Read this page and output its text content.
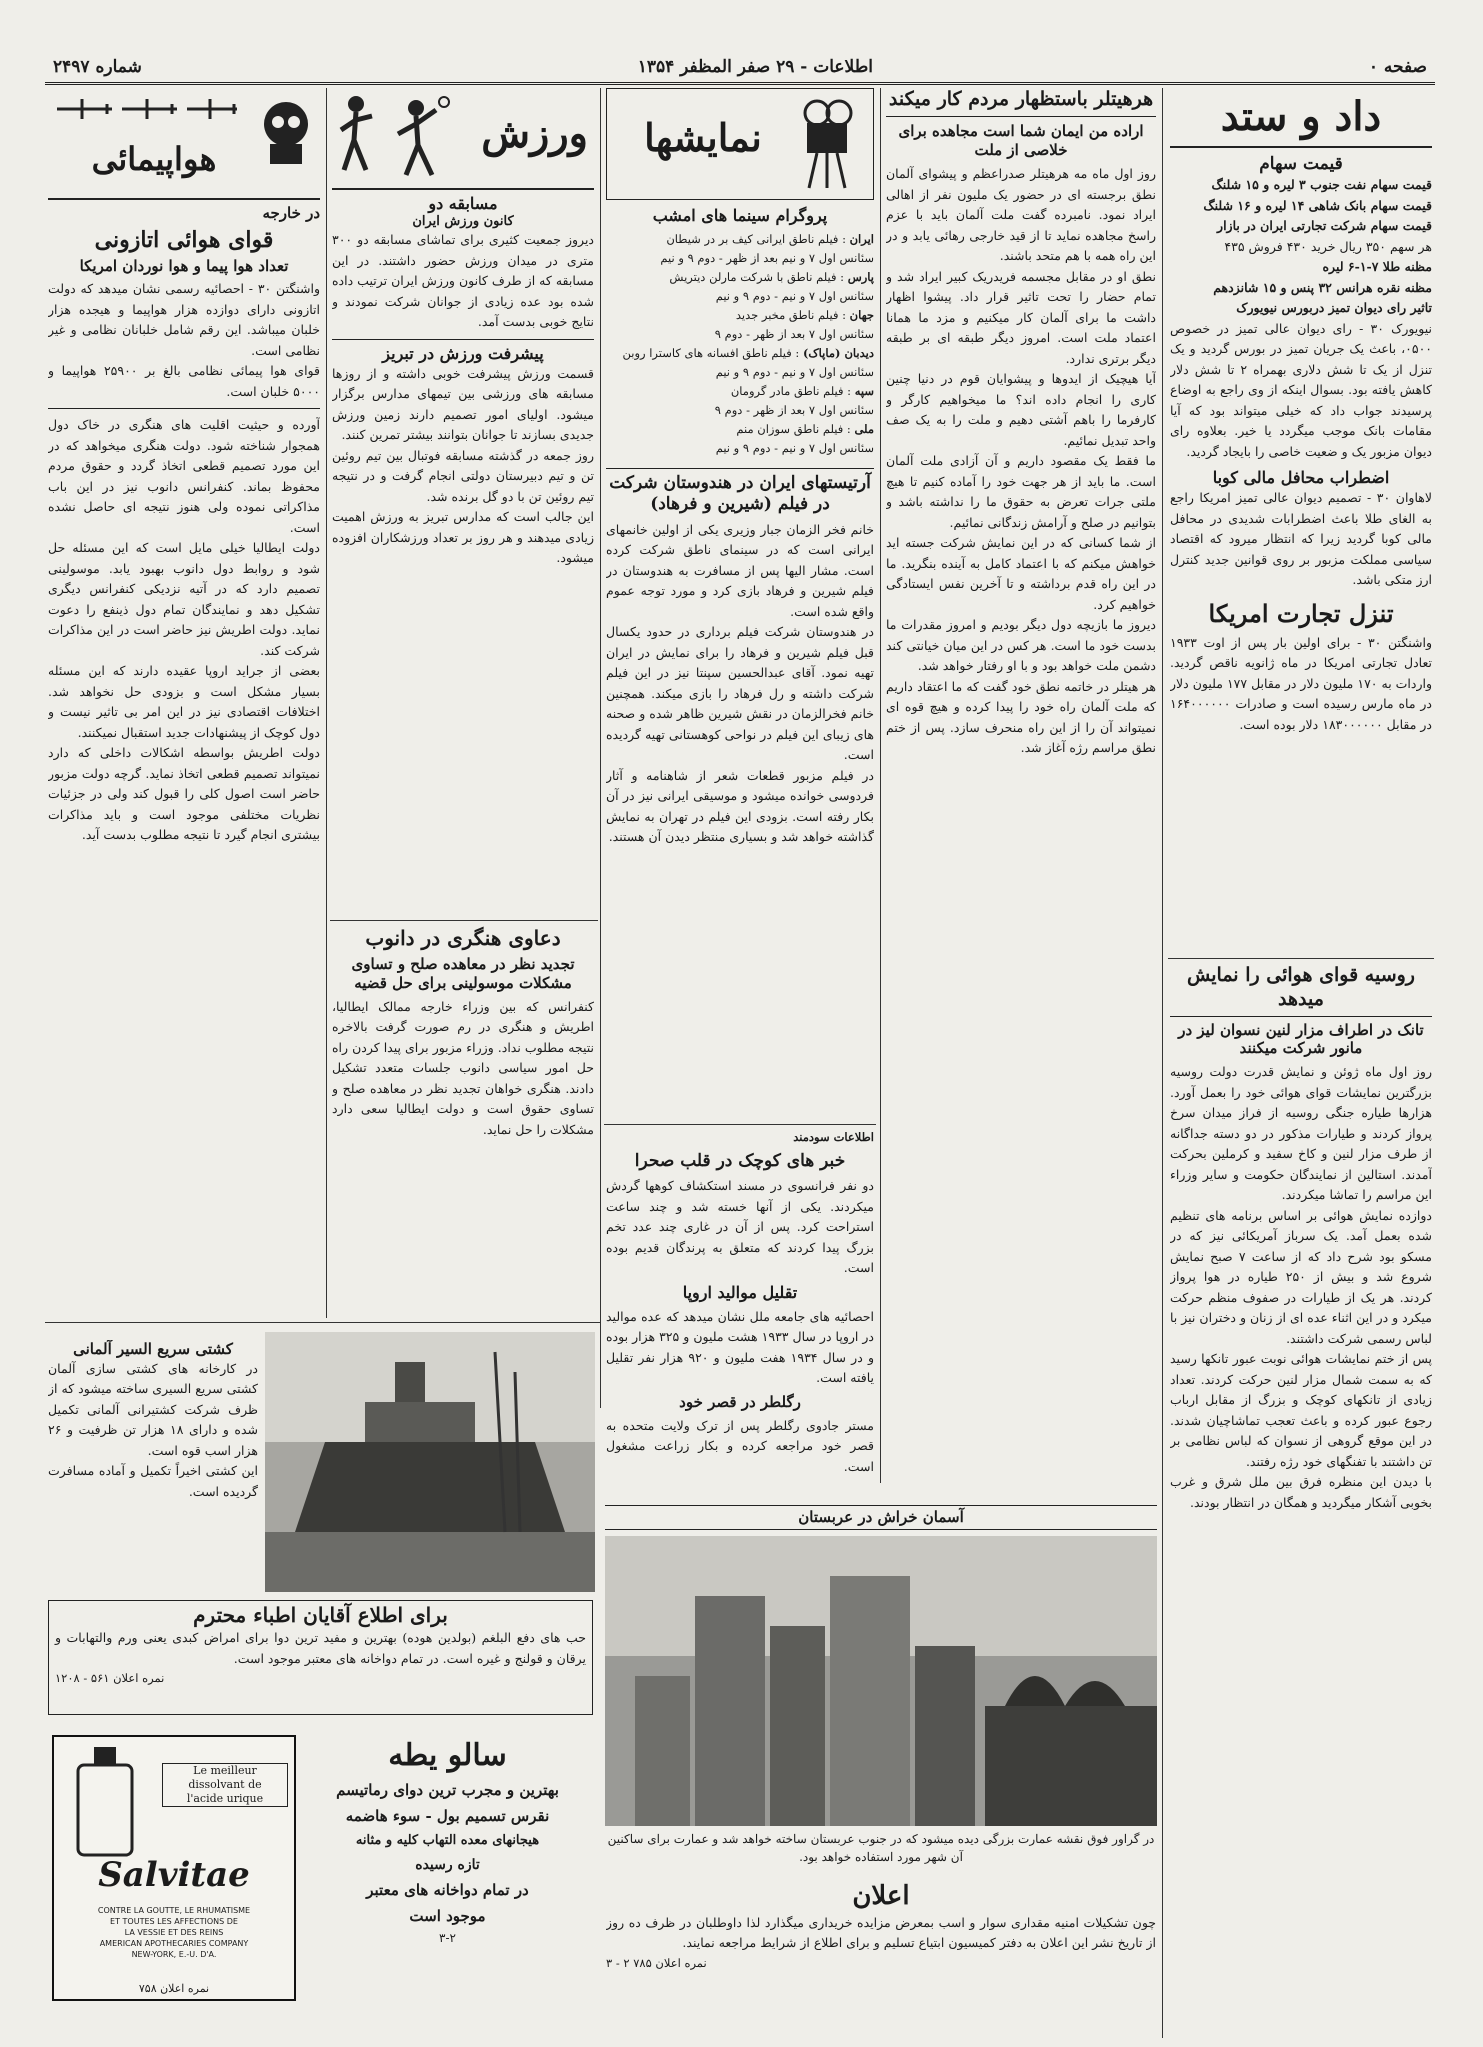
صفحه ۰
اطلاعات - ۲۹ صفر المظفر ۱۳۵۴
شماره ۲۴۹۷
داد و ستد
قیمت سهام
قیمت سهام نفت جنوب ۳ لیره و ۱۵ شلنگ
قیمت سهام بانک شاهی ۱۴ لیره و ۱۶ شلنگ
قیمت سهام شرکت تجارتی ایران در بازار
هر سهم ۳۵۰ ریال خرید ۴۳۰ فروش ۴۳۵
مظنه طلا ۷-۱-۶ لیره
مظنه نقره هرانس ۳۲ پنس و ۱۵ شانزدهم
تاثیر رای دیوان تمیز دربورس نیویورک
نیویورک ۳۰ - رای دیوان عالی تمیز در خصوص ۰۵۰۰، باعث یک جریان تمیز در بورس گردید و یک تنزل از یک تا شش دلاری بهمراه ۲ تا شش دلار کاهش یافته بود. بسوال اینکه از وی راجع به اوضاع پرسیدند جواب داد که خیلی میتواند بود که آیا مقامات بانک موجب میگردد یا خیر. بعلاوه رای دیوان مزبور یک و ضعیت خاصی را بایجاد گردید.
اضطراب محافل مالی کوبا
لاهاوان ۳۰ - تصمیم دیوان عالی تمیز امریکا راجع به الغای طلا باعث اضطرابات شدیدی در محافل مالی کوبا گردید زیرا که انتظار میرود که اقتصاد سیاسی مملکت مزبور بر روی قوانین جدید کنترل ارز متکی باشد.
تنزل تجارت امریکا
واشنگتن ۳۰ - برای اولین بار پس از اوت ۱۹۳۳ تعادل تجارتی امریکا در ماه ژانویه ناقص گردید. واردات به ۱۷۰ ملیون دلار در مقابل ۱۷۷ ملیون دلار در ماه مارس رسیده است و صادرات ۱۶۴۰۰۰۰۰۰ در مقابل ۱۸۳۰۰۰۰۰۰ دلار بوده است.
روسیه قوای هوائی را نمایش میدهد
تانک در اطراف مزار لنین نسوان لیز در مانور شرکت میکنند
روز اول ماه ژوئن و نمایش قدرت دولت روسیه بزرگترین نمایشات قوای هوائی خود را بعمل آورد. هزارها طیاره جنگی روسیه از فراز میدان سرخ پرواز کردند و طیارات مذکور در دو دسته جداگانه از طرف مزار لنین و کاخ سفید و کرملین بحرکت آمدند. استالین از نمایندگان حکومت و سایر وزراء این مراسم را تماشا میکردند.
دوازده نمایش هوائی بر اساس برنامه های تنظیم شده بعمل آمد. یک سرباز آمریکائی نیز که در مسکو بود شرح داد که از ساعت ۷ صبح نمایش شروع شد و بیش از ۲۵۰ طیاره در هوا پرواز کردند. هر یک از طیارات در صفوف منظم حرکت میکرد و در این اثناء عده ای از زنان و دختران نیز با لباس رسمی شرکت داشتند.
پس از ختم نمایشات هوائی نوبت عبور تانکها رسید که به سمت شمال مزار لنین حرکت کردند. تعداد زیادی از تانکهای کوچک و بزرگ از مقابل ارباب رجوع عبور کرده و باعث تعجب تماشاچیان شدند. در این موقع گروهی از نسوان که لباس نظامی بر تن داشتند با تفنگهای خود رژه رفتند.
با دیدن این منظره فرق بین ملل شرق و غرب بخوبی آشکار میگردید و همگان در انتظار بودند.
هرهیتلر باستظهار مردم کار میکند
اراده من ایمان شما است مجاهده برای خلاصی از ملت
روز اول ماه مه هرهیتلر صدراعظم و پیشوای آلمان نطق برجسته ای در حضور یک ملیون نفر از اهالی ایراد نمود. نامبرده گفت ملت آلمان باید با عزم راسخ مجاهده نماید تا از قید خارجی رهائی یابد و در این راه همه با هم متحد باشند.
نطق او در مقابل مجسمه فریدریک کبیر ایراد شد و تمام حضار را تحت تاثیر قرار داد. پیشوا اظهار داشت ما برای آلمان کار میکنیم و مزد ما همانا اعتماد ملت است. امروز دیگر طبقه ای بر طبقه دیگر برتری ندارد.
آیا هیچیک از ایدوها و پیشوایان قوم در دنیا چنین کاری را انجام داده اند؟ ما میخواهیم کارگر و کارفرما را باهم آشتی دهیم و ملت را به یک صف واحد تبدیل نمائیم.
ما فقط یک مقصود داریم و آن آزادی ملت آلمان است. ما باید از هر جهت خود را آماده کنیم تا هیچ ملتی جرات تعرض به حقوق ما را نداشته باشد و بتوانیم در صلح و آرامش زندگانی نمائیم.
از شما کسانی که در این نمایش شرکت جسته اید خواهش میکنم که با اعتماد کامل به آینده بنگرید. ما در این راه قدم برداشته و تا آخرین نفس ایستادگی خواهیم کرد.
دیروز ما بازیچه دول دیگر بودیم و امروز مقدرات ما بدست خود ما است. هر کس در این میان خیانتی کند دشمن ملت خواهد بود و با او رفتار خواهد شد.
هر هیتلر در خاتمه نطق خود گفت که ما اعتقاد داریم که ملت آلمان راه خود را پیدا کرده و هیچ قوه ای نمیتواند آن را از این راه منحرف سازد. پس از ختم نطق مراسم رژه آغاز شد.
نمایشها
پروگرام سینما های امشب
ایران : فیلم ناطق ایرانی کیف بر در شیطان
سئانس اول ۷ و نیم بعد از ظهر - دوم ۹ و نیم
پارس : فیلم ناطق با شرکت مارلن دیتریش
سئانس اول ۷ و نیم - دوم ۹ و نیم
جهان : فیلم ناطق مخبر جدید
سئانس اول ۷ بعد از ظهر - دوم ۹
دیدبان (ماپاک) : فیلم ناطق افسانه های کاسترا روبن
سئانس اول ۷ و نیم - دوم ۹ و نیم
سپه : فیلم ناطق مادر گرومان
سئانس اول ۷ بعد از ظهر - دوم ۹
ملی : فیلم ناطق سوزان منم
سئانس اول ۷ و نیم - دوم ۹ و نیم
آرتیستهای ایران در هندوستان شرکت در فیلم (شیرین و فرهاد)
خانم فخر الزمان جبار وزیری یکی از اولین خانمهای ایرانی است که در سینمای ناطق شرکت کرده است. مشار الیها پس از مسافرت به هندوستان در فیلم شیرین و فرهاد بازی کرد و مورد توجه عموم واقع شده است.
در هندوستان شرکت فیلم برداری در حدود یکسال قبل فیلم شیرین و فرهاد را برای نمایش در ایران تهیه نمود. آقای عبدالحسین سپنتا نیز در این فیلم شرکت داشته و رل فرهاد را بازی میکند. همچنین خانم فخرالزمان در نقش شیرین ظاهر شده و صحنه های زیبای این فیلم در نواحی کوهستانی تهیه گردیده است.
در فیلم مزبور قطعات شعر از شاهنامه و آثار فردوسی خوانده میشود و موسیقی ایرانی نیز در آن بکار رفته است. بزودی این فیلم در تهران به نمایش گذاشته خواهد شد و بسیاری منتظر دیدن آن هستند.
اطلاعات سودمند
خبر های کوچک در قلب صحرا
دو نفر فرانسوی در مسند استکشاف کوهها گردش میکردند. یکی از آنها خسته شد و چند ساعت استراحت کرد. پس از آن در غاری چند عدد تخم بزرگ پیدا کردند که متعلق به پرندگان قدیم بوده است.
تقلیل موالید اروپا
احصائیه های جامعه ملل نشان میدهد که عده موالید در اروپا در سال ۱۹۳۳ هشت ملیون و ۳۲۵ هزار بوده و در سال ۱۹۳۴ هفت ملیون و ۹۲۰ هزار نفر تقلیل یافته است.
رگلطر در قصر خود
مستر جادوی رگلطر پس از ترک ولایت متحده به قصر خود مراجعه کرده و بکار زراعت مشغول است.
آسمان خراش در عربستان
در گراور فوق نقشه عمارت بزرگی دیده میشود که در جنوب عربستان ساخته خواهد شد و عمارت برای ساکنین آن شهر مورد استفاده خواهد بود.
اعلان
چون تشکیلات امنیه مقداری سوار و اسب بمعرض مزایده خریداری میگذارد لذا داوطلبان در ظرف ده روز از تاریخ نشر این اعلان به دفتر کمیسیون ابتیاع تسلیم و برای اطلاع از شرایط مراجعه نمایند.
نمره اعلان ۷۸۵ ۲ - ۳
ورزش
مسابقه دو
کانون ورزش ایران
دیروز جمعیت کثیری برای تماشای مسابقه دو ۳۰۰ متری در میدان ورزش حضور داشتند. در این مسابقه که از طرف کانون ورزش ایران ترتیب داده شده بود عده زیادی از جوانان شرکت نمودند و نتایج خوبی بدست آمد.
پیشرفت ورزش در تبریز
قسمت ورزش پیشرفت خوبی داشته و از روزها مسابقه های ورزشی بین تیمهای مدارس برگزار میشود. اولیای امور تصمیم دارند زمین ورزش جدیدی بسازند تا جوانان بتوانند بیشتر تمرین کنند.
روز جمعه در گذشته مسابقه فوتبال بین تیم روئین تن و تیم دبیرستان دولتی انجام گرفت و در نتیجه تیم روئین تن با دو گل برنده شد.
این جالب است که مدارس تبریز به ورزش اهمیت زیادی میدهند و هر روز بر تعداد ورزشکاران افزوده میشود.
دعاوی هنگری در دانوب
تجدید نظر در معاهده صلح و تساوی مشکلات موسولینی برای حل قضیه
کنفرانس که بین وزراء خارجه ممالک ایطالیا، اطریش و هنگری در رم صورت گرفت بالاخره نتیجه مطلوب نداد. وزراء مزبور برای پیدا کردن راه حل امور سیاسی دانوب جلسات متعدد تشکیل دادند. هنگری خواهان تجدید نظر در معاهده صلح و تساوی حقوق است و دولت ایطالیا سعی دارد مشکلات را حل نماید.
هواپیمائی
در خارجه
قوای هوائی اتازونی
تعداد هوا پیما و هوا نوردان امریکا
واشنگتن ۳۰ - احصائیه رسمی نشان میدهد که دولت اتازونی دارای دوازده هزار هواپیما و هیجده هزار خلبان میباشد. این رقم شامل خلبانان نظامی و غیر نظامی است.
قوای هوا پیمائی نظامی بالغ بر ۲۵۹۰۰ هواپیما و ۵۰۰۰ خلبان است.
آورده و حیثیت اقلیت های هنگری در خاک دول همجوار شناخته شود. دولت هنگری میخواهد که در این مورد تصمیم قطعی اتخاذ گردد و حقوق مردم محفوظ بماند. کنفرانس دانوب نیز در این باب مذاکراتی نموده ولی هنوز نتیجه ای حاصل نشده است.
دولت ایطالیا خیلی مایل است که این مسئله حل شود و روابط دول دانوب بهبود یابد. موسولینی تصمیم دارد که در آتیه نزدیکی کنفرانس دیگری تشکیل دهد و نمایندگان تمام دول ذینفع را دعوت نماید. دولت اطریش نیز حاضر است در این مذاکرات شرکت کند.
بعضی از جراید اروپا عقیده دارند که این مسئله بسیار مشکل است و بزودی حل نخواهد شد. اختلافات اقتصادی نیز در این امر بی تاثیر نیست و دول کوچک از پیشنهادات جدید استقبال نمیکنند.
دولت اطریش بواسطه اشکالات داخلی که دارد نمیتواند تصمیم قطعی اتخاذ نماید. گرچه دولت مزبور حاضر است اصول کلی را قبول کند ولی در جزئیات نظریات مختلفی موجود است و باید مذاکرات بیشتری انجام گیرد تا نتیجه مطلوب بدست آید.
کشتی سریع السیر آلمانی
در کارخانه های کشتی سازی آلمان کشتی سریع السیری ساخته میشود که از ظرف شرکت کشتیرانی آلمانی تکمیل شده و دارای ۱۸ هزار تن ظرفیت و ۲۶ هزار اسب قوه است.
این کشتی اخیراً تکمیل و آماده مسافرت گردیده است.
برای اطلاع آقایان اطباء محترم
حب های دفع البلغم (بولدین هوده) بهترین و مفید ترین دوا برای امراض کبدی یعنی ورم والتهابات و یرقان و قولنج و غیره است. در تمام دواخانه های معتبر موجود است.
نمره اعلان ۵۶۱ - ۱۲۰۸
Le meilleur
dissolvant de
l'acide urique
Salvitae
CONTRE LA GOUTTE, LE RHUMATISME
ET TOUTES LES AFFECTIONS DE
LA VESSIE ET DES REINS
AMERICAN APOTHECARIES COMPANY
NEW-YORK, E.-U. D'A.
نمره اعلان ۷۵۸
سالو یطه
بهترین و مجرب ترین دوای رماتیسم
نقرس تسمیم بول - سوء هاضمه
هیجانهای معده التهاب کلیه و مثانه
تازه رسیده
در تمام دواخانه های معتبر
موجود است
۳-۲
